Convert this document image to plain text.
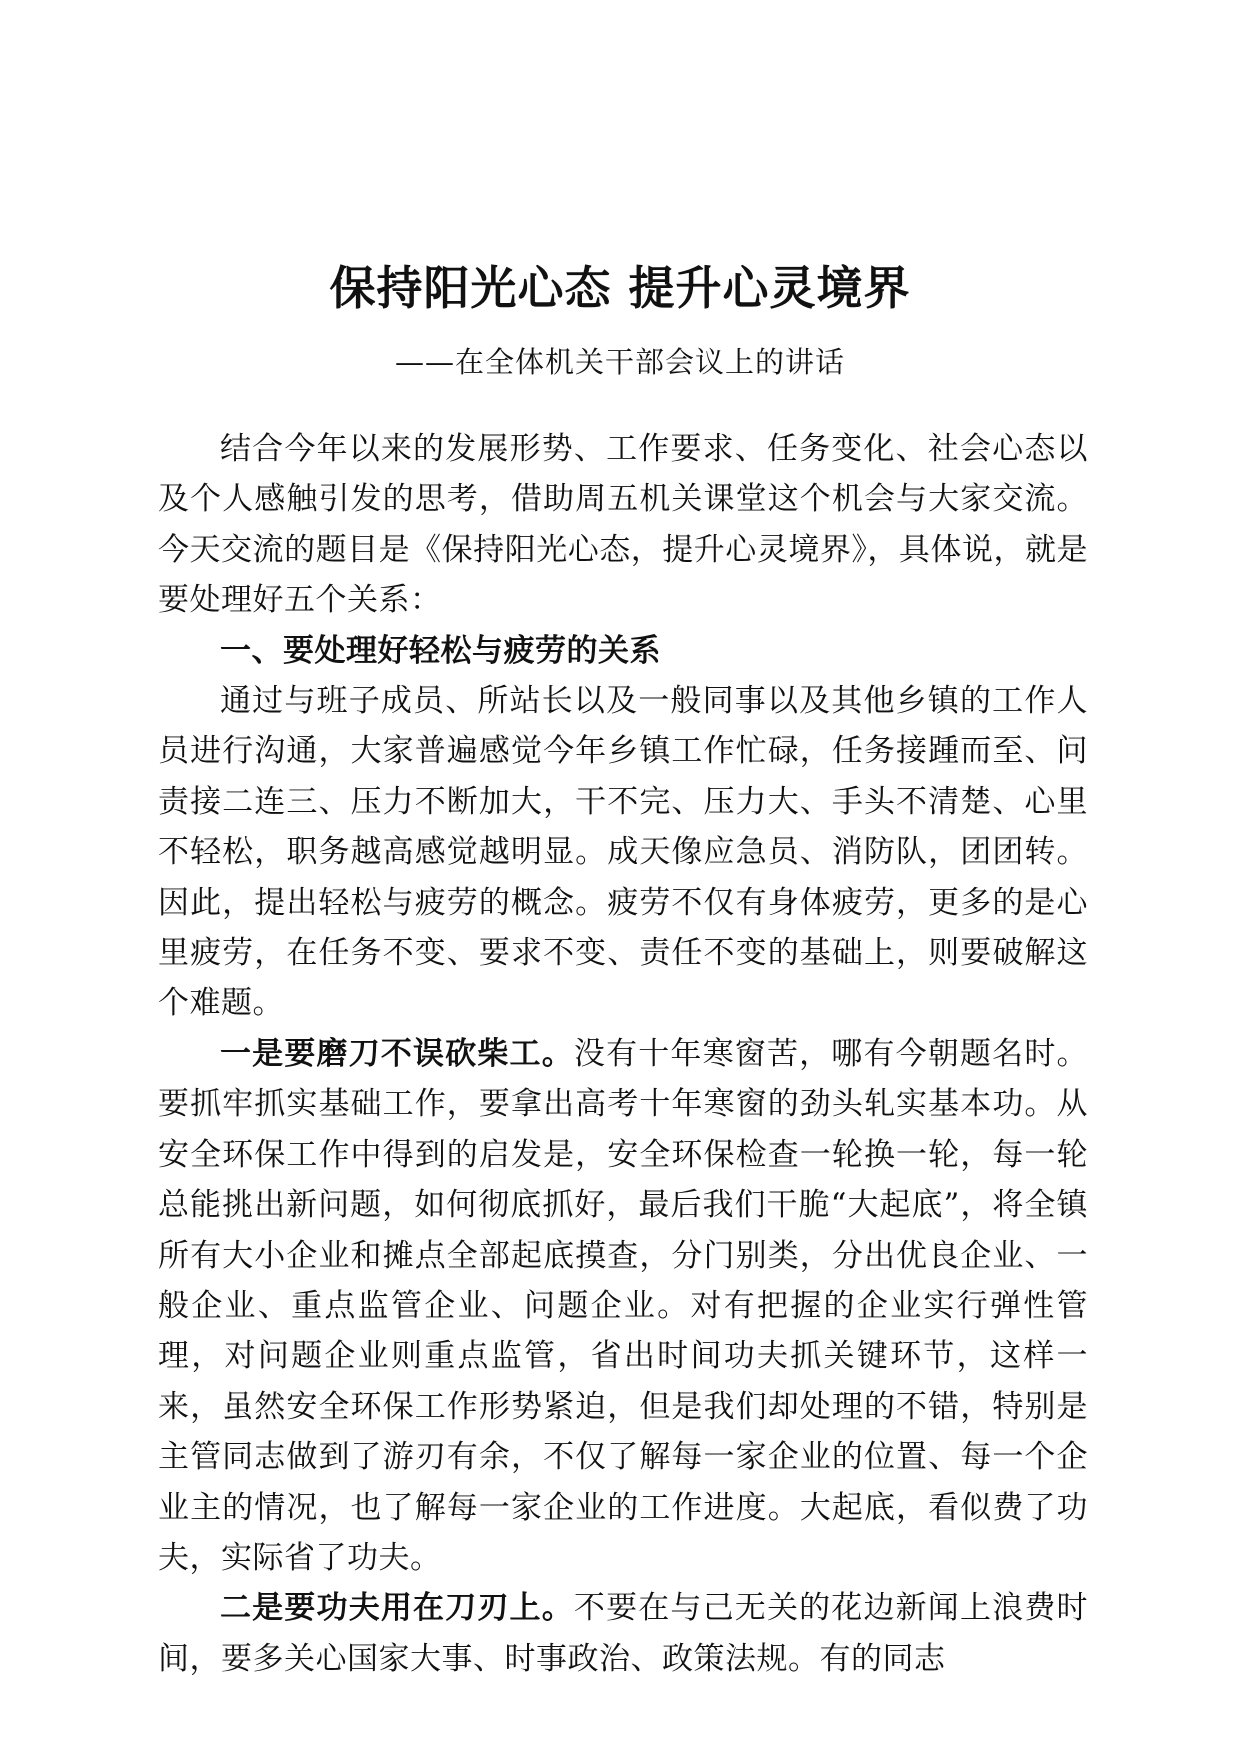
保持阳光心态 提升心灵境界
——在全体机关干部会议上的讲话

结合今年以来的发展形势、工作要求、任务变化、社会心态以及个人感触引发的思考，借助周五机关课堂这个机会与大家交流。今天交流的题目是《保持阳光心态，提升心灵境界》，具体说，就是要处理好五个关系：

一、要处理好轻松与疲劳的关系

通过与班子成员、所站长以及一般同事以及其他乡镇的工作人员进行沟通，大家普遍感觉今年乡镇工作忙碌，任务接踵而至、问责接二连三、压力不断加大，干不完、压力大、手头不清楚、心里不轻松，职务越高感觉越明显。成天像应急员、消防队，团团转。因此，提出轻松与疲劳的概念。疲劳不仅有身体疲劳，更多的是心里疲劳，在任务不变、要求不变、责任不变的基础上，则要破解这个难题。

一是要磨刀不误砍柴工。没有十年寒窗苦，哪有今朝题名时。要抓牢抓实基础工作，要拿出高考十年寒窗的劲头轧实基本功。从安全环保工作中得到的启发是，安全环保检查一轮换一轮，每一轮总能挑出新问题，如何彻底抓好，最后我们干脆“大起底”，将全镇所有大小企业和摊点全部起底摸查，分门别类，分出优良企业、一般企业、重点监管企业、问题企业。对有把握的企业实行弹性管理，对问题企业则重点监管，省出时间功夫抓关键环节，这样一来，虽然安全环保工作形势紧迫，但是我们却处理的不错，特别是主管同志做到了游刃有余，不仅了解每一家企业的位置、每一个企业主的情况，也了解每一家企业的工作进度。大起底，看似费了功夫，实际省了功夫。

二是要功夫用在刀刃上。不要在与己无关的花边新闻上浪费时间，要多关心国家大事、时事政治、政策法规。有的同志
